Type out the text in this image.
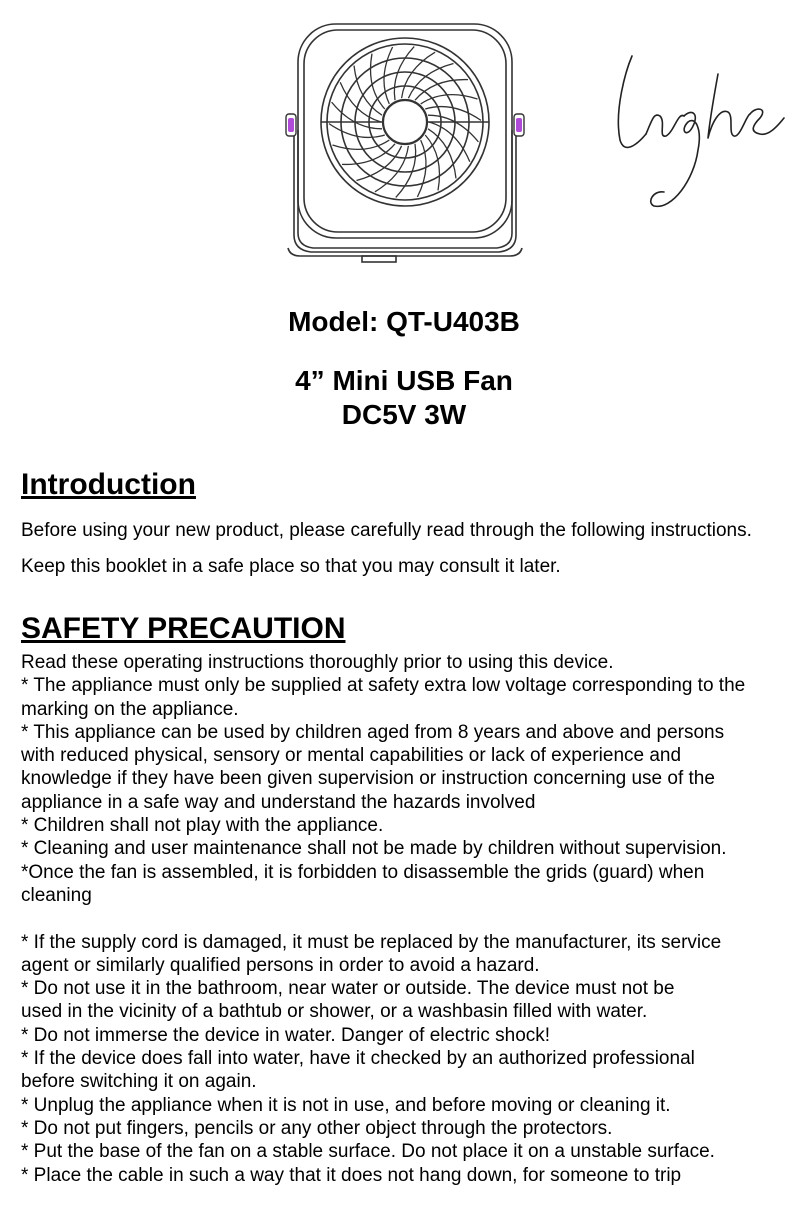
Model: QT-U403B
4” Mini USB Fan
DC5V 3W
Introduction
Before using your new product, please carefully read through the following instructions.
Keep this booklet in a safe place so that you may consult it later.
SAFETY PRECAUTION
Read these operating instructions thoroughly prior to using this device.
* The appliance must only be supplied at safety extra low voltage corresponding to the
marking on the appliance.
* This appliance can be used by children aged from 8 years and above and persons
with reduced physical, sensory or mental capabilities or lack of experience and
knowledge if they have been given supervision or instruction concerning use of the
appliance in a safe way and understand the hazards involved
* Children shall not play with the appliance.
* Cleaning and user maintenance shall not be made by children without supervision.
*Once the fan is assembled, it is forbidden to disassemble the grids (guard) when
cleaning
* If the supply cord is damaged, it must be replaced by the manufacturer, its service
agent or similarly qualified persons in order to avoid a hazard.
* Do not use it in the bathroom, near water or outside. The device must not be
used in the vicinity of a bathtub or shower, or a washbasin filled with water.
* Do not immerse the device in water. Danger of electric shock!
* If the device does fall into water, have it checked by an authorized professional
before switching it on again.
* Unplug the appliance when it is not in use, and before moving or cleaning it.
* Do not put fingers, pencils or any other object through the protectors.
* Put the base of the fan on a stable surface. Do not place it on a unstable surface.
* Place the cable in such a way that it does not hang down, for someone to trip
